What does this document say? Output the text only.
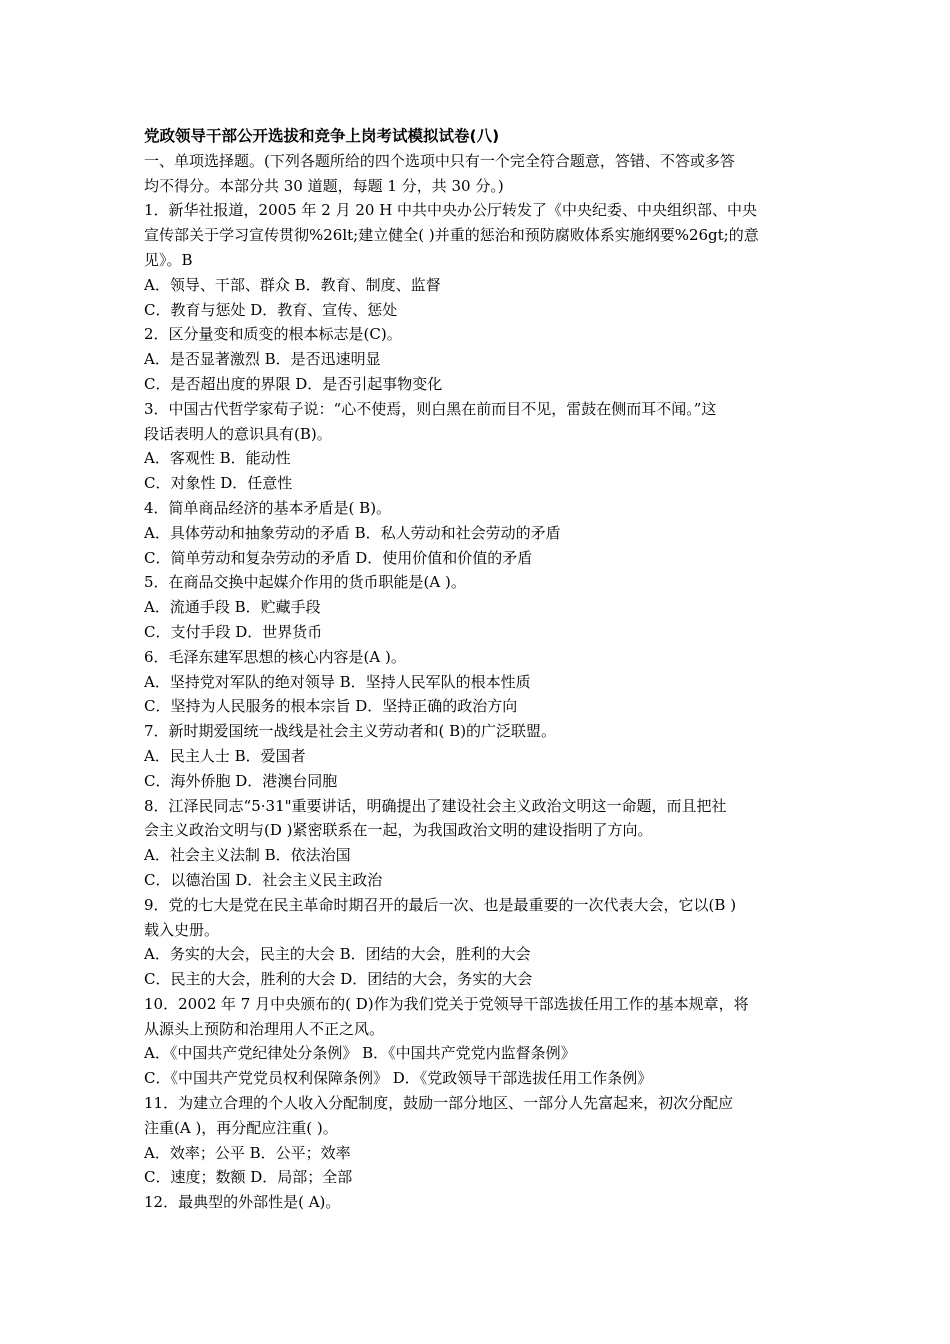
党政领导干部公开选拔和竞争上岗考试模拟试卷(八)

一、单项选择题。(下列各题所给的四个选项中只有一个完全符合题意，答错、不答或多答

均不得分。本部分共 30 道题，每题 1 分，共 30 分。)

1．新华社报道，2005 年 2 月 20 H 中共中央办公厅转发了《中央纪委、中央组织部、中央

宣传部关于学习宣传贯彻%26lt;建立健全( )并重的惩治和预防腐败体系实施纲要%26gt;的意

见》。B

A．领导、干部、群众 B．教育、制度、监督

C．教育与惩处 D．教育、宣传、惩处

2．区分量变和质变的根本标志是(C)。

A．是否显著激烈 B．是否迅速明显

C．是否超出度的界限 D．是否引起事物变化

3．中国古代哲学家荀子说：“心不使焉，则白黑在前而目不见，雷鼓在侧而耳不闻。”这

段话表明人的意识具有(B)。

A．客观性 B．能动性

C．对象性 D．任意性

4．简单商品经济的基本矛盾是( B)。

A．具体劳动和抽象劳动的矛盾 B．私人劳动和社会劳动的矛盾

C．简单劳动和复杂劳动的矛盾 D．使用价值和价值的矛盾

5．在商品交换中起媒介作用的货币职能是(A )。

A．流通手段 B．贮藏手段

C．支付手段 D．世界货币

6．毛泽东建军思想的核心内容是(A )。

A．坚持党对军队的绝对领导 B．坚持人民军队的根本性质

C．坚持为人民服务的根本宗旨 D．坚持正确的政治方向

7．新时期爱国统一战线是社会主义劳动者和( B)的广泛联盟。

A．民主人士 B．爱国者

C．海外侨胞 D．港澳台同胞

8．江泽民同志“5·31"重要讲话，明确提出了建设社会主义政治文明这一命题，而且把社

会主义政治文明与(D )紧密联系在一起，为我国政治文明的建设指明了方向。

A．社会主义法制 B．依法治国

C．以德治国 D．社会主义民主政治

9．党的七大是党在民主革命时期召开的最后一次、也是最重要的一次代表大会，它以(B )

载入史册。

A．务实的大会，民主的大会 B．团结的大会，胜利的大会

C．民主的大会，胜利的大会 D．团结的大会，务实的大会

10．2002 年 7 月中央颁布的( D)作为我们党关于党领导干部选拔任用工作的基本规章，将

从源头上预防和治理用人不正之风。

A．《中国共产党纪律处分条例》 B．《中国共产党党内监督条例》

C．《中国共产党党员权利保障条例》 D．《党政领导干部选拔任用工作条例》

11．为建立合理的个人收入分配制度，鼓励一部分地区、一部分人先富起来，初次分配应

注重(A )，再分配应注重( )。

A．效率；公平 B．公平；效率

C．速度；数额 D．局部；全部

12．最典型的外部性是( A)。
